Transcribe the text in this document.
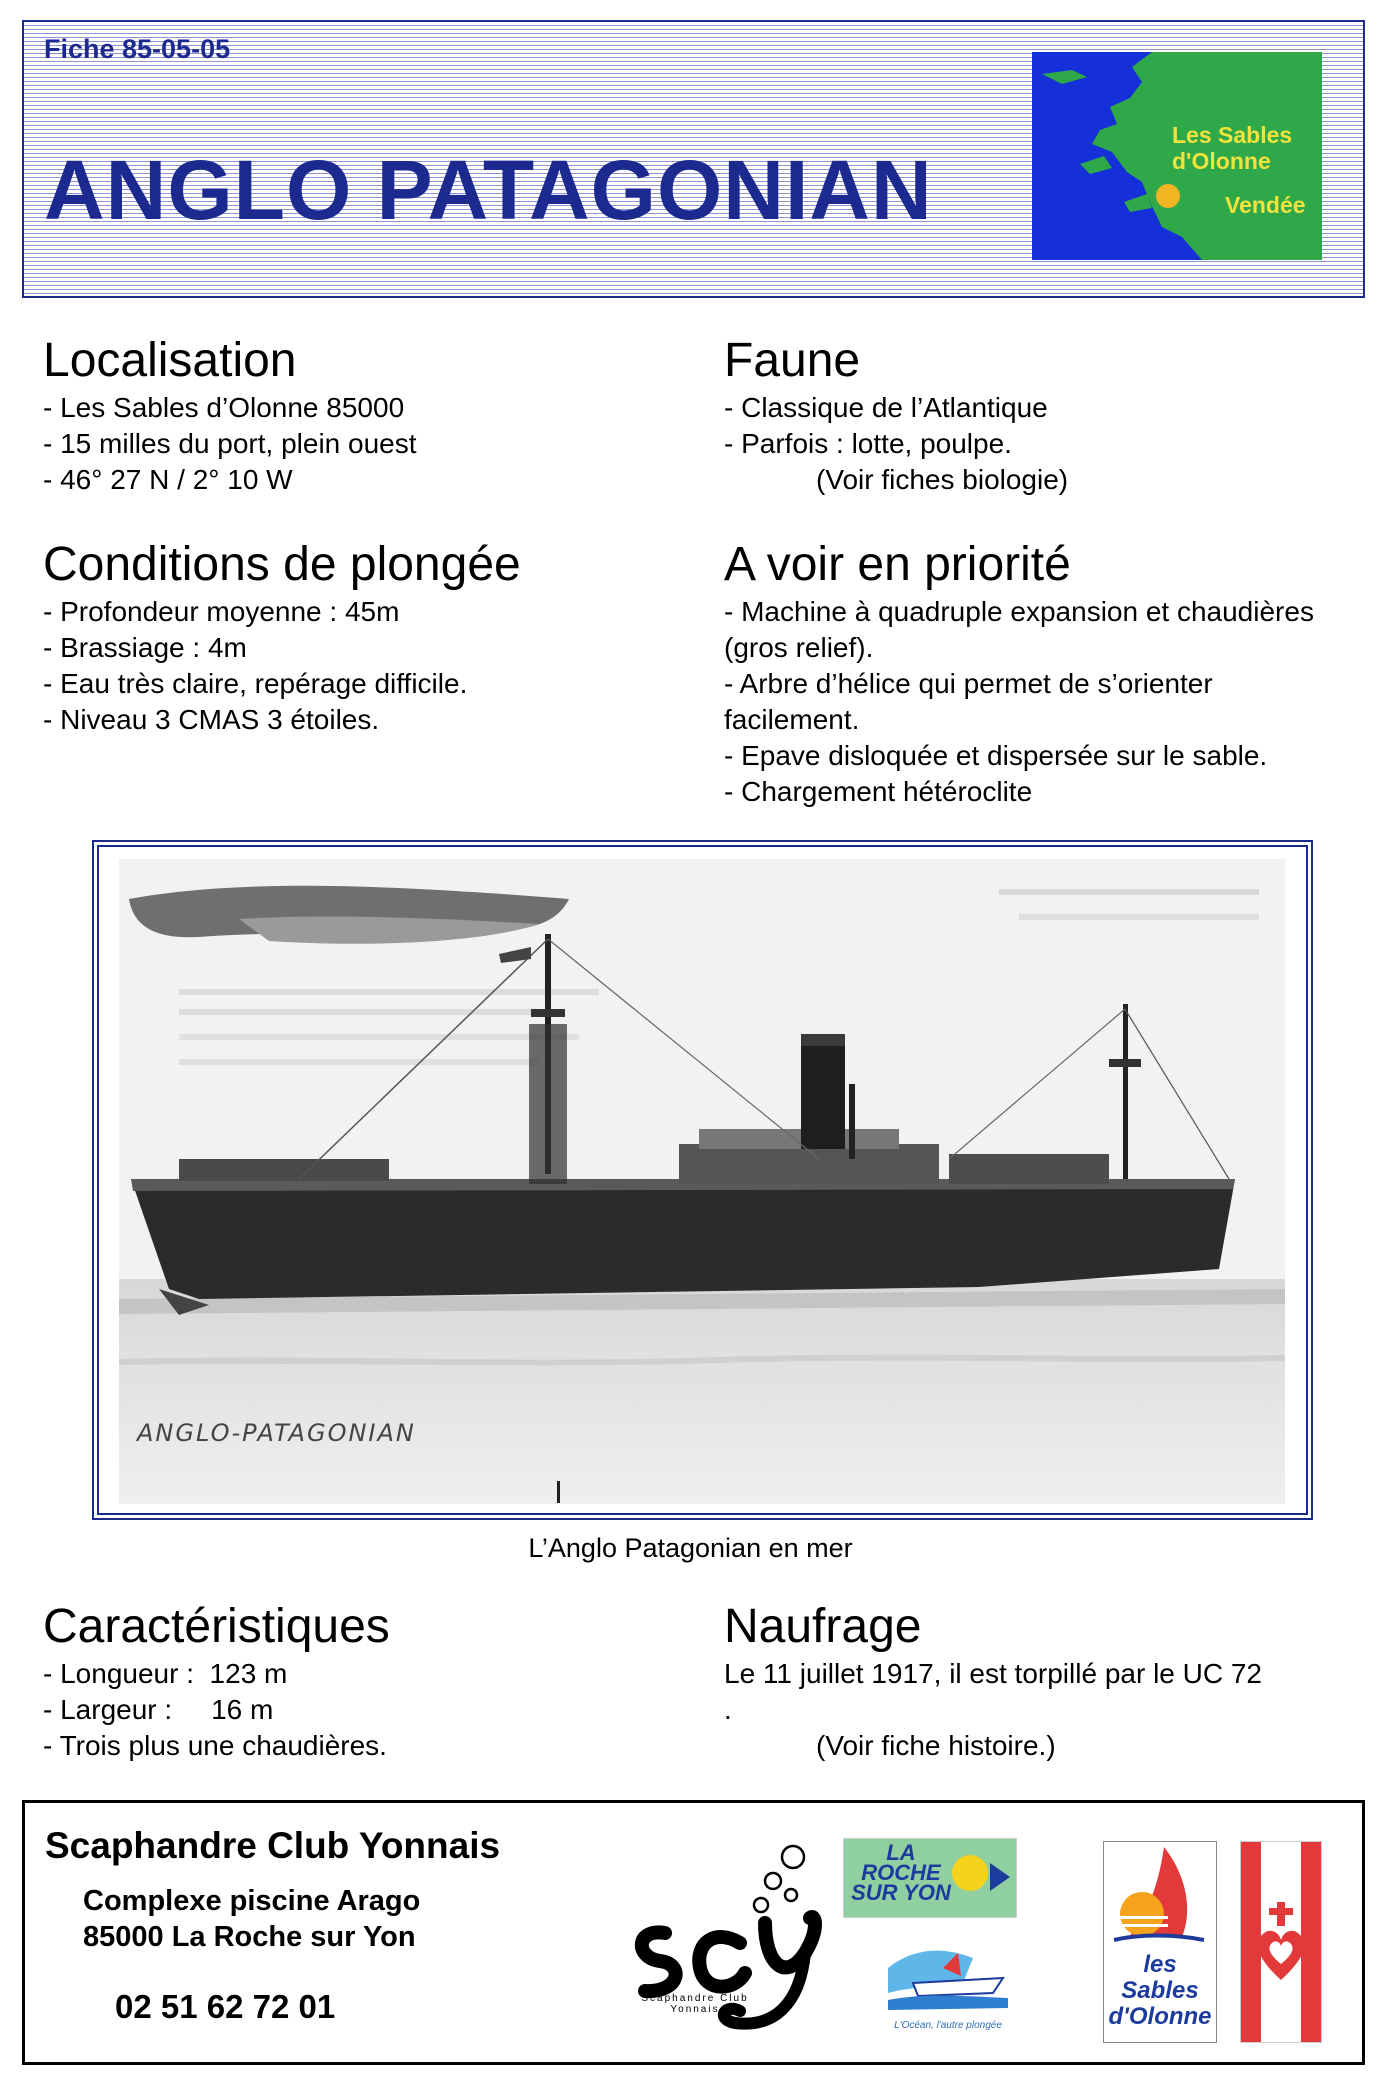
Fiche 85-05-05
ANGLO PATAGONIAN
Les Sables
d'Olonne
Vendée
Localisation
- Les Sables d’Olonne 85000
- 15 milles du port, plein ouest
- 46° 27 N / 2° 10 W
Faune
- Classique de l’Atlantique
- Parfois : lotte, poulpe.
(Voir fiches biologie)
Conditions de plongée
- Profondeur moyenne : 45m
- Brassiage : 4m
- Eau très claire, repérage difficile.
- Niveau 3 CMAS 3 étoiles.
A voir en priorité
- Machine à quadruple expansion et chaudières
(gros relief).
- Arbre d’hélice qui permet de s’orienter
facilement.
- Epave disloquée et dispersée sur le sable.
- Chargement hétéroclite
ANGLO-PATAGONIAN
L’Anglo Patagonian en mer
Caractéristiques
- Longueur :  123 m
- Largeur :     16 m
- Trois plus une chaudières.
Naufrage
Le 11 juillet 1917, il est torpillé par le UC 72
.
(Voir fiche histoire.)
Scaphandre Club Yonnais
Complexe piscine Arago
85000 La Roche sur Yon
02 51 62 72 01	Scaphandre Club Yonnais
LA
ROCHE
SUR YON
L'Océan, l'autre plongée
les
Sables
d'Olonne
